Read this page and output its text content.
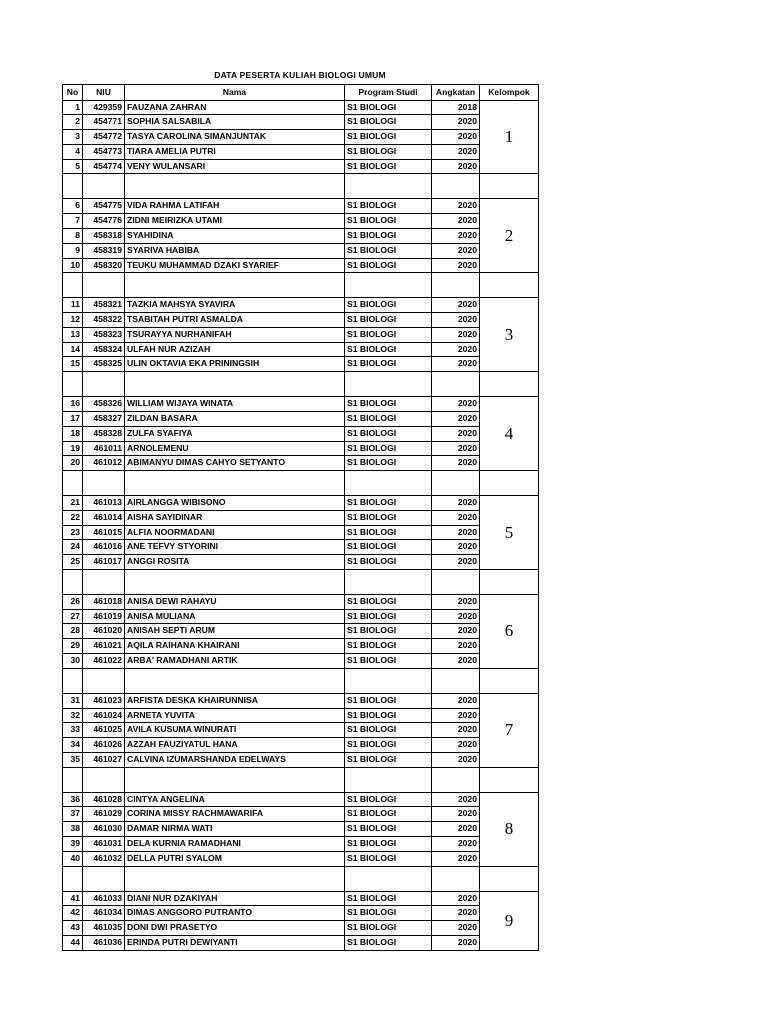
DATA PESERTA KULIAH BIOLOGI UMUM
No	NIU	Nama	Program Studi	Angkatan	Kelompok
1	429359	FAUZANA ZAHRAN	S1 BIOLOGI	2018	1
2	454771	SOPHIA SALSABILA	S1 BIOLOGI	2020	
3	454772	TASYA CAROLINA SIMANJUNTAK	S1 BIOLOGI	2020	
4	454773	TIARA AMELIA PUTRI	S1 BIOLOGI	2020	
5	454774	VENY WULANSARI	S1 BIOLOGI	2020	

6	454775	VIDA RAHMA LATIFAH	S1 BIOLOGI	2020	2
7	454776	ZIDNI MEIRIZKA UTAMI	S1 BIOLOGI	2020	
8	458318	SYAHIDINA	S1 BIOLOGI	2020	
9	458319	SYARIVA HABIBA	S1 BIOLOGI	2020	
10	458320	TEUKU MUHAMMAD DZAKI SYARIEF	S1 BIOLOGI	2020	

11	458321	TAZKIA MAHSYA SYAVIRA	S1 BIOLOGI	2020	3
12	458322	TSABITAH PUTRI ASMALDA	S1 BIOLOGI	2020	
13	458323	TSURAYYA NURHANIFAH	S1 BIOLOGI	2020	
14	458324	ULFAH NUR AZIZAH	S1 BIOLOGI	2020	
15	458325	ULIN OKTAVIA EKA PRININGSIH	S1 BIOLOGI	2020	

16	458326	WILLIAM WIJAYA WINATA	S1 BIOLOGI	2020	4
17	458327	ZILDAN BASARA	S1 BIOLOGI	2020	
18	458328	ZULFA SYAFIYA	S1 BIOLOGI	2020	
19	461011	ARNOLEMENU	S1 BIOLOGI	2020	
20	461012	ABIMANYU DIMAS CAHYO SETYANTO	S1 BIOLOGI	2020	

21	461013	AIRLANGGA WIBISONO	S1 BIOLOGI	2020	5
22	461014	AISHA SAYIDINAR	S1 BIOLOGI	2020	
23	461015	ALFIA NOORMADANI	S1 BIOLOGI	2020	
24	461016	ANE TEFVY STYORINI	S1 BIOLOGI	2020	
25	461017	ANGGI ROSITA	S1 BIOLOGI	2020	

26	461018	ANISA DEWI RAHAYU	S1 BIOLOGI	2020	6
27	461019	ANISA MULIANA	S1 BIOLOGI	2020	
28	461020	ANISAH SEPTI ARUM	S1 BIOLOGI	2020	
29	461021	AQILA RAIHANA KHAIRANI	S1 BIOLOGI	2020	
30	461022	ARBA' RAMADHANI ARTIK	S1 BIOLOGI	2020	

31	461023	ARFISTA DESKA KHAIRUNNISA	S1 BIOLOGI	2020	7
32	461024	ARNETA YUVITA	S1 BIOLOGI	2020	
33	461025	AVILA KUSUMA WINURATI	S1 BIOLOGI	2020	
34	461026	AZZAH FAUZIYATUL HANA	S1 BIOLOGI	2020	
35	461027	CALVINA IZUMARSHANDA EDELWAYS	S1 BIOLOGI	2020	

36	461028	CINTYA ANGELINA	S1 BIOLOGI	2020	8
37	461029	CORINA MISSY RACHMAWARIFA	S1 BIOLOGI	2020	
38	461030	DAMAR NIRMA WATI	S1 BIOLOGI	2020	
39	461031	DELA KURNIA RAMADHANI	S1 BIOLOGI	2020	
40	461032	DELLA PUTRI SYALOM	S1 BIOLOGI	2020	

41	461033	DIANI NUR DZAKIYAH	S1 BIOLOGI	2020	9
42	461034	DIMAS ANGGORO PUTRANTO	S1 BIOLOGI	2020	
43	461035	DONI DWI PRASETYO	S1 BIOLOGI	2020	
44	461036	ERINDA PUTRI DEWIYANTI	S1 BIOLOGI	2020	
